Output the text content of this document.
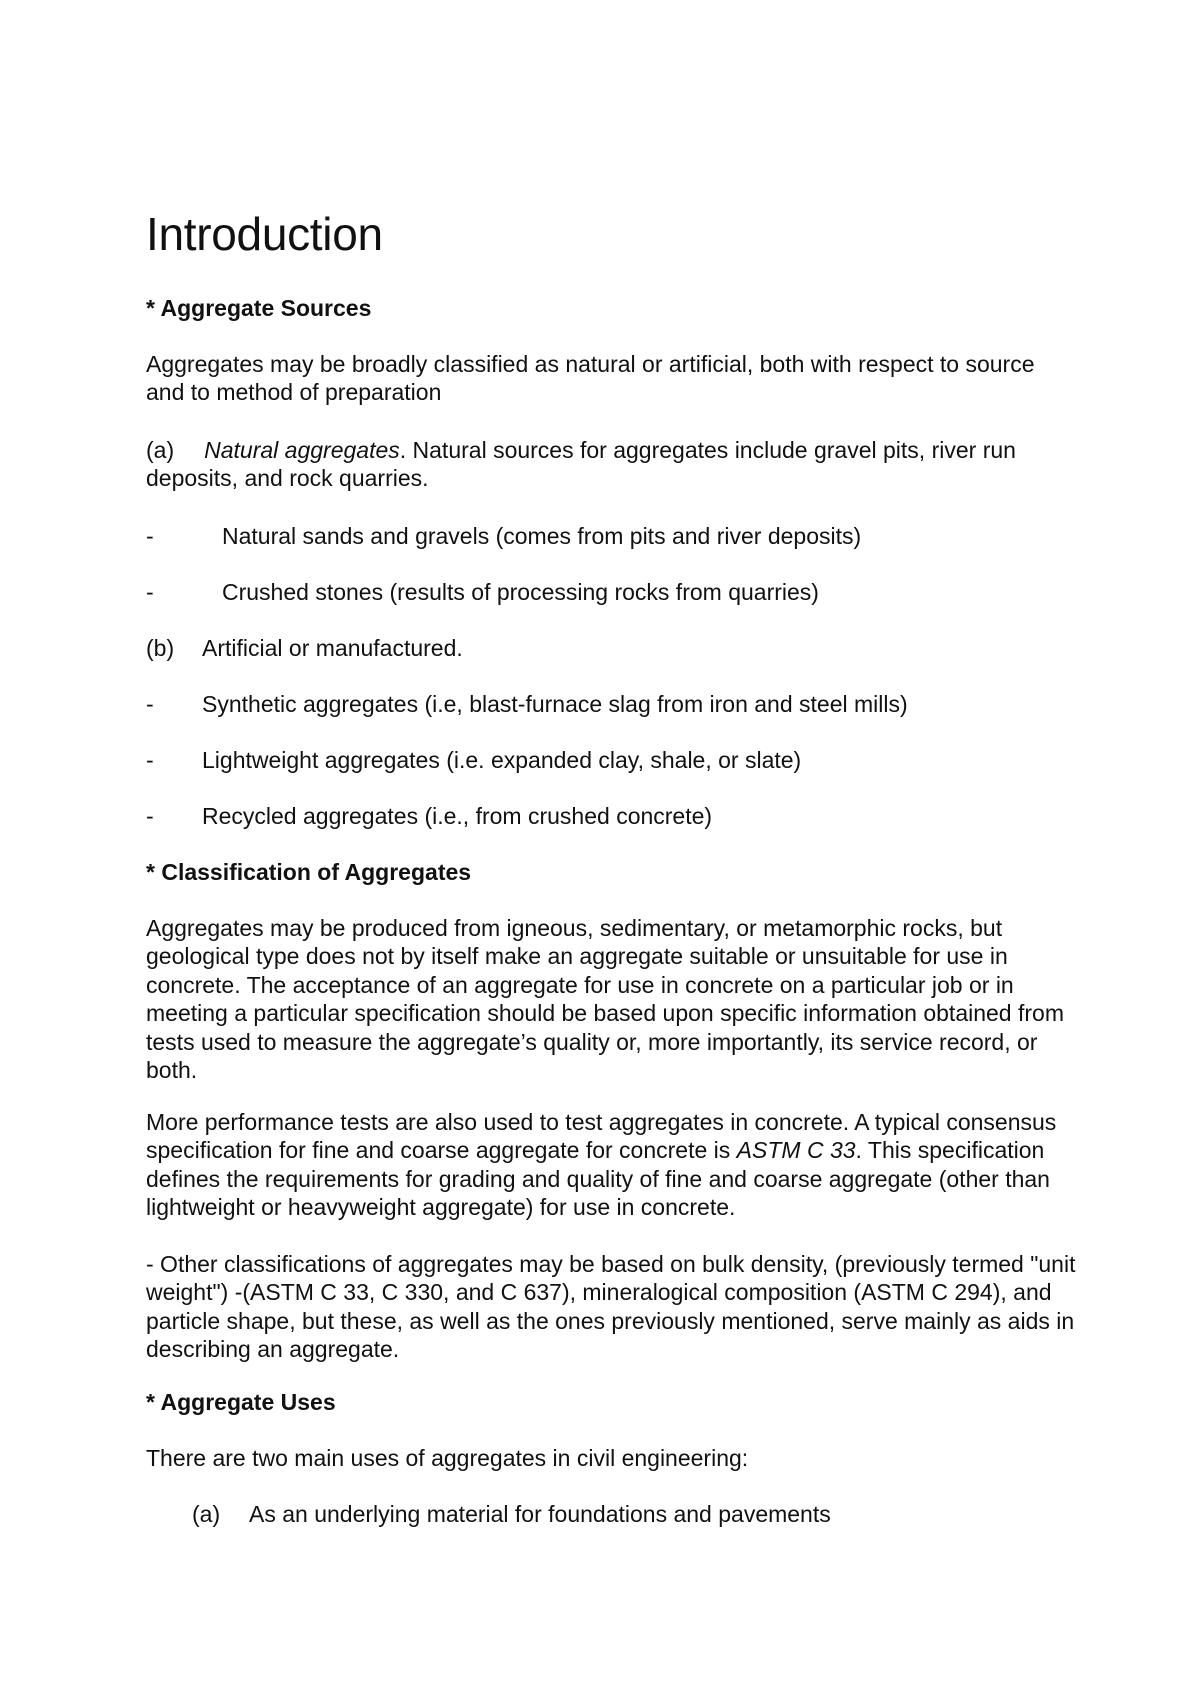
Introduction
* Aggregate Sources

Aggregates may be broadly classified as natural or artificial, both with respect to source and to method of preparation

(a) Natural aggregates. Natural sources for aggregates include gravel pits, river run deposits, and rock quarries.

-	Natural sands and gravels (comes from pits and river deposits)
-	Crushed stones (results of processing rocks from quarries)
(b) Artificial or manufactured.
- Synthetic aggregates (i.e, blast-furnace slag from iron and steel mills)
- Lightweight aggregates (i.e. expanded clay, shale, or slate)
- Recycled aggregates (i.e., from crushed concrete)
* Classification of Aggregates

Aggregates may be produced from igneous, sedimentary, or metamorphic rocks, but geological type does not by itself make an aggregate suitable or unsuitable for use in concrete. The acceptance of an aggregate for use in concrete on a particular job or in meeting a particular specification should be based upon specific information obtained from tests used to measure the aggregate’s quality or, more importantly, its service record, or both.

More performance tests are also used to test aggregates in concrete. A typical consensus specification for fine and coarse aggregate for concrete is ASTM C 33. This specification defines the requirements for grading and quality of fine and coarse aggregate (other than lightweight or heavyweight aggregate) for use in concrete.

- Other classifications of aggregates may be based on bulk density, (previously termed "unit weight") -(ASTM C 33, C 330, and C 637), mineralogical composition (ASTM C 294), and particle shape, but these, as well as the ones previously mentioned, serve mainly as aids in describing an aggregate.

* Aggregate Uses
There are two main uses of aggregates in civil engineering:
(a) As an underlying material for foundations and pavements
